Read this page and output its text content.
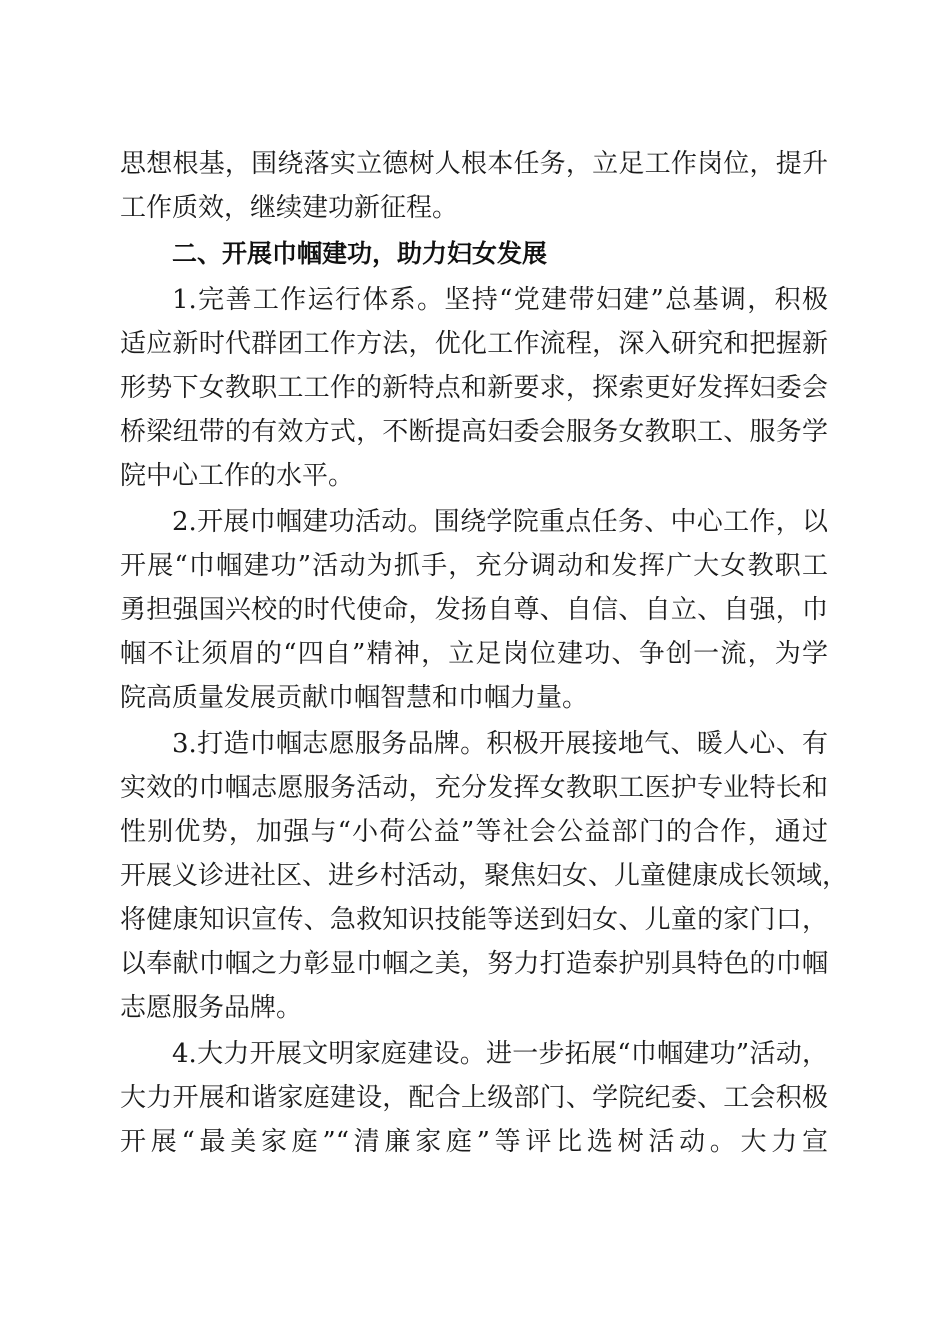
思想根基，围绕落实立德树人根本任务，立足工作岗位，提升
工作质效，继续建功新征程。
二、开展巾帼建功，助力妇女发展
1.完善工作运行体系。坚持“党建带妇建”总基调，积极
适应新时代群团工作方法，优化工作流程，深入研究和把握新
形势下女教职工工作的新特点和新要求，探索更好发挥妇委会
桥梁纽带的有效方式，不断提高妇委会服务女教职工、服务学
院中心工作的水平。
2.开展巾帼建功活动。围绕学院重点任务、中心工作，以
开展“巾帼建功”活动为抓手，充分调动和发挥广大女教职工
勇担强国兴校的时代使命，发扬自尊、自信、自立、自强，巾
帼不让须眉的“四自”精神，立足岗位建功、争创一流，为学
院高质量发展贡献巾帼智慧和巾帼力量。
3.打造巾帼志愿服务品牌。积极开展接地气、暖人心、有
实效的巾帼志愿服务活动，充分发挥女教职工医护专业特长和
性别优势，加强与“小荷公益”等社会公益部门的合作，通过
开展义诊进社区、进乡村活动，聚焦妇女、儿童健康成长领域，
将健康知识宣传、急救知识技能等送到妇女、儿童的家门口，
以奉献巾帼之力彰显巾帼之美，努力打造泰护别具特色的巾帼
志愿服务品牌。
4.大力开展文明家庭建设。进一步拓展“巾帼建功”活动，
大力开展和谐家庭建设，配合上级部门、学院纪委、工会积极
开展“最美家庭”“清廉家庭”等评比选树活动。大力宣
